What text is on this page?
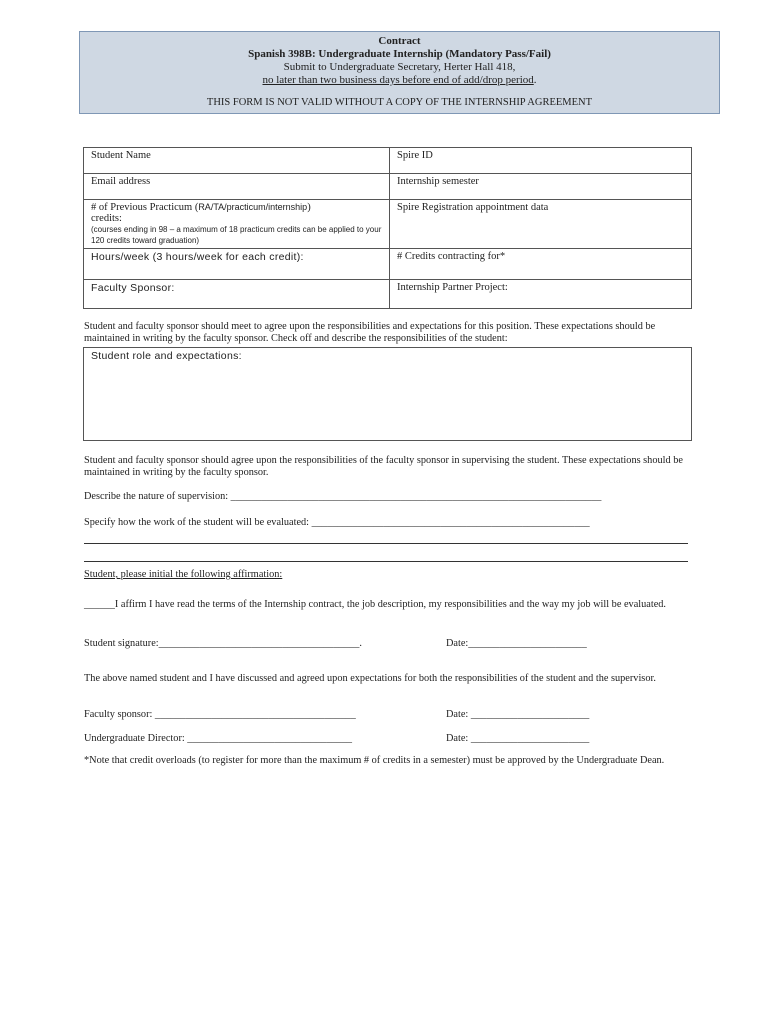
Contract
Spanish 398B: Undergraduate Internship (Mandatory Pass/Fail)
Submit to Undergraduate Secretary, Herter Hall 418,
no later than two business days before end of add/drop period.
THIS FORM IS NOT VALID WITHOUT A COPY OF THE INTERNSHIP AGREEMENT
Student Name	Spire ID
Email address	Internship semester

# of Previous Practicum (RA/TA/practicum/internship)
credits:
(courses ending in 98 – a maximum of 18 practicum credits can be applied to your 120 credits toward graduation)	Spire Registration appointment data
Hours/week (3 hours/week for each credit):	# Credits contracting for*
Faculty Sponsor:	Internship Partner Project:
Student and faculty sponsor should meet to agree upon the responsibilities and expectations for this position. These expectations should be maintained in writing by the faculty sponsor. Check off and describe the responsibilities of the student:
Student role and expectations:
Student and faculty sponsor should agree upon the responsibilities of the faculty sponsor in supervising the student. These expectations should be maintained in writing by the faculty sponsor.
Describe the nature of supervision: ________________________________________________________________________
Specify how the work of the student will be evaluated: ______________________________________________________
Student, please initial the following affirmation:
______I affirm I have read the terms of the Internship contract, the job description, my responsibilities and the way my job will be evaluated.
Student signature:_______________________________________.	Date:_______________________
The above named student and I have discussed and agreed upon expectations for both the responsibilities of the student and the supervisor.
Faculty sponsor: _______________________________________	Date: _______________________
Undergraduate Director: ________________________________	Date: _______________________
*Note that credit overloads (to register for more than the maximum # of credits in a semester) must be approved by the Undergraduate Dean.
